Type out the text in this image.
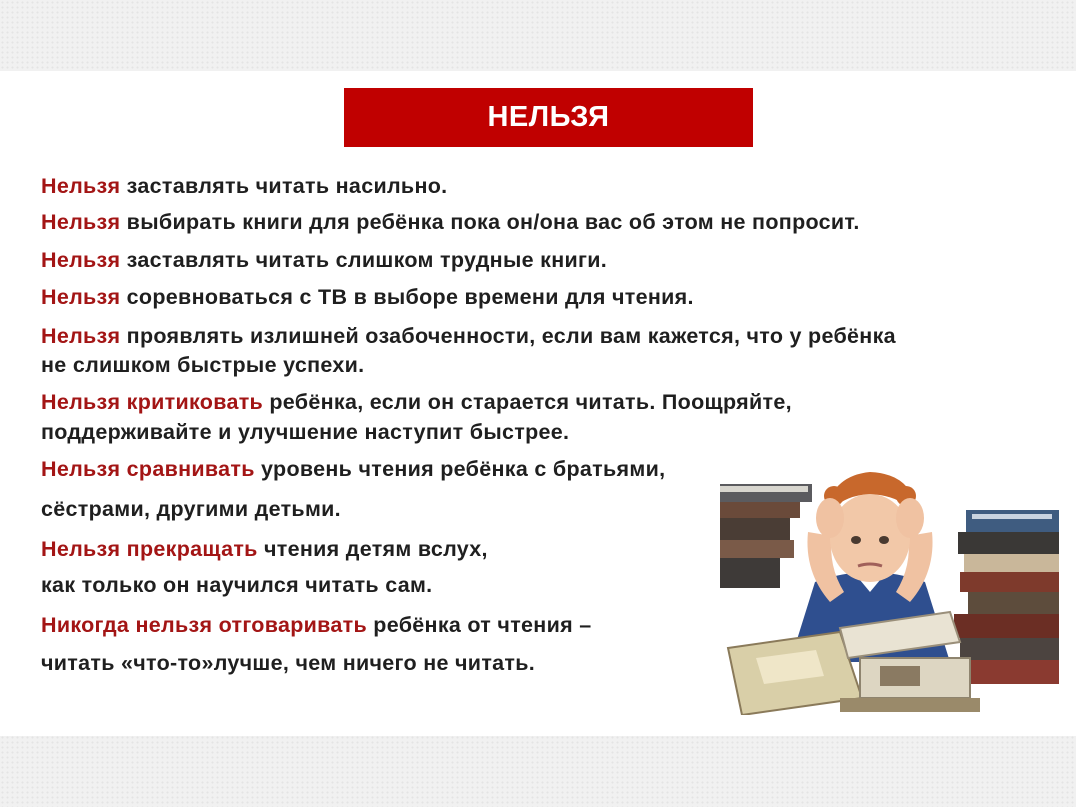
НЕЛЬЗЯ
Нельзя заставлять читать насильно.
Нельзя выбирать книги для ребёнка пока он/она вас об этом не попросит.
Нельзя заставлять читать слишком трудные книги.
Нельзя соревноваться с ТВ в выборе времени для чтения.
Нельзя проявлять излишней озабоченности, если вам кажется, что у ребёнка
не слишком быстрые успехи.
Нельзя критиковать ребёнка, если он старается читать. Поощряйте,
поддерживайте и улучшение наступит быстрее.
Нельзя сравнивать уровень чтения ребёнка с братьями,
сёстрами, другими детьми.
Нельзя прекращать чтения детям вслух,
как только он научился читать сам.
Никогда нельзя отговаривать ребёнка от чтения –
читать «что-то»лучше, чем ничего не читать.
